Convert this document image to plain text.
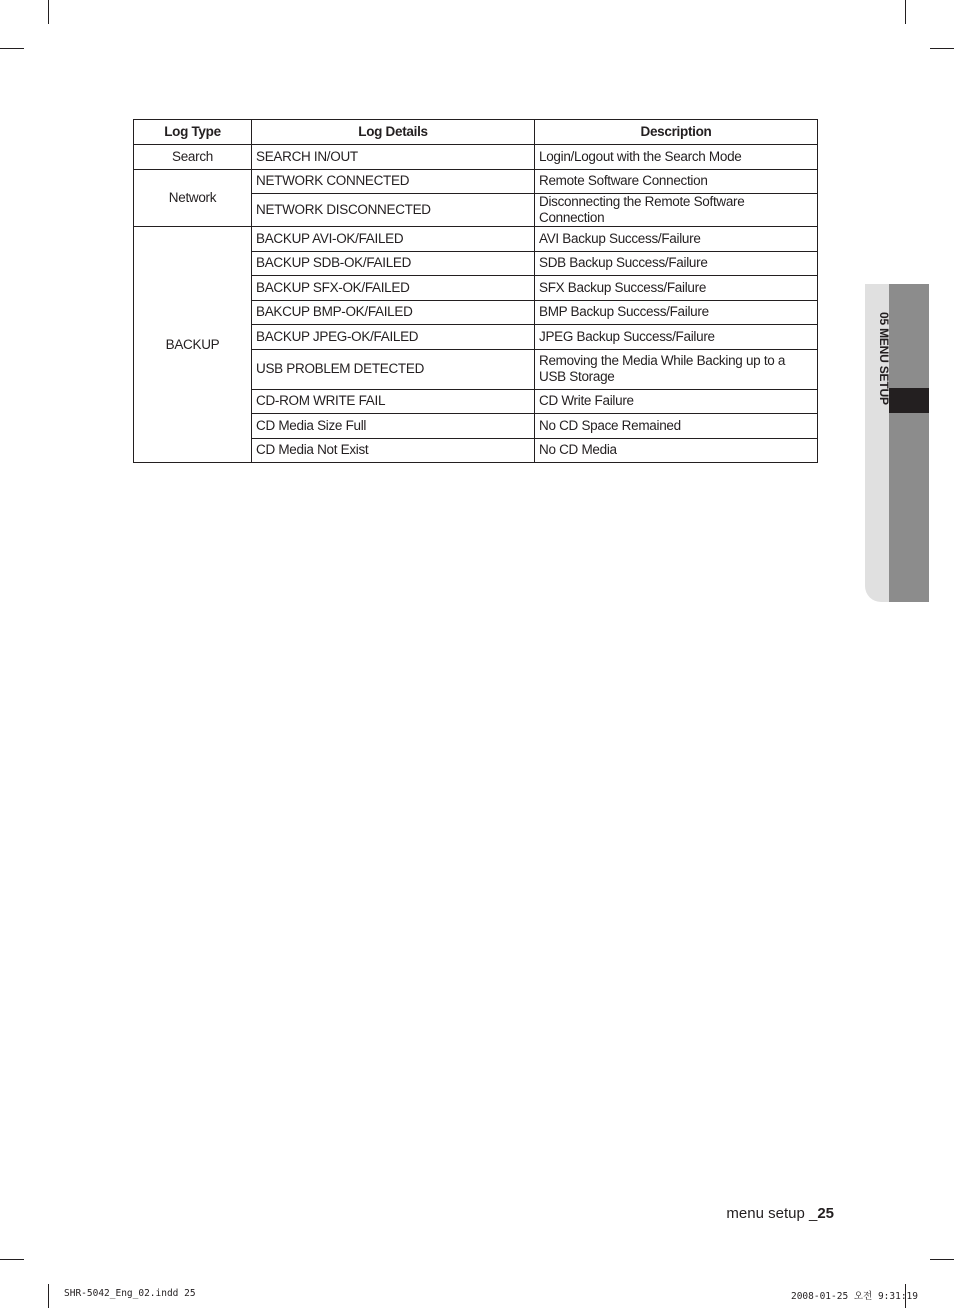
Log Type	Log Details	Description
Search	SEARCH IN/OUT	Login/Logout with the Search Mode
Network	NETWORK CONNECTED	Remote Software Connection
	NETWORK DISCONNECTED	Disconnecting the Remote Software Connection
BACKUP	BACKUP AVI-OK/FAILED	AVI Backup Success/Failure
	BACKUP SDB-OK/FAILED	SDB Backup Success/Failure
	BACKUP SFX-OK/FAILED	SFX Backup Success/Failure
	BAKCUP BMP-OK/FAILED	BMP Backup Success/Failure
	BACKUP JPEG-OK/FAILED	JPEG Backup Success/Failure
	USB PROBLEM DETECTED	Removing the Media While Backing up to a USB Storage
	CD-ROM WRITE FAIL	CD Write Failure
	CD Media Size Full	No CD Space Remained
	CD Media Not Exist	No CD Media
05 MENU SETUP
menu setup _25
SHR-5042_Eng_02.indd 25	2008-01-25 오전 9:31:19
